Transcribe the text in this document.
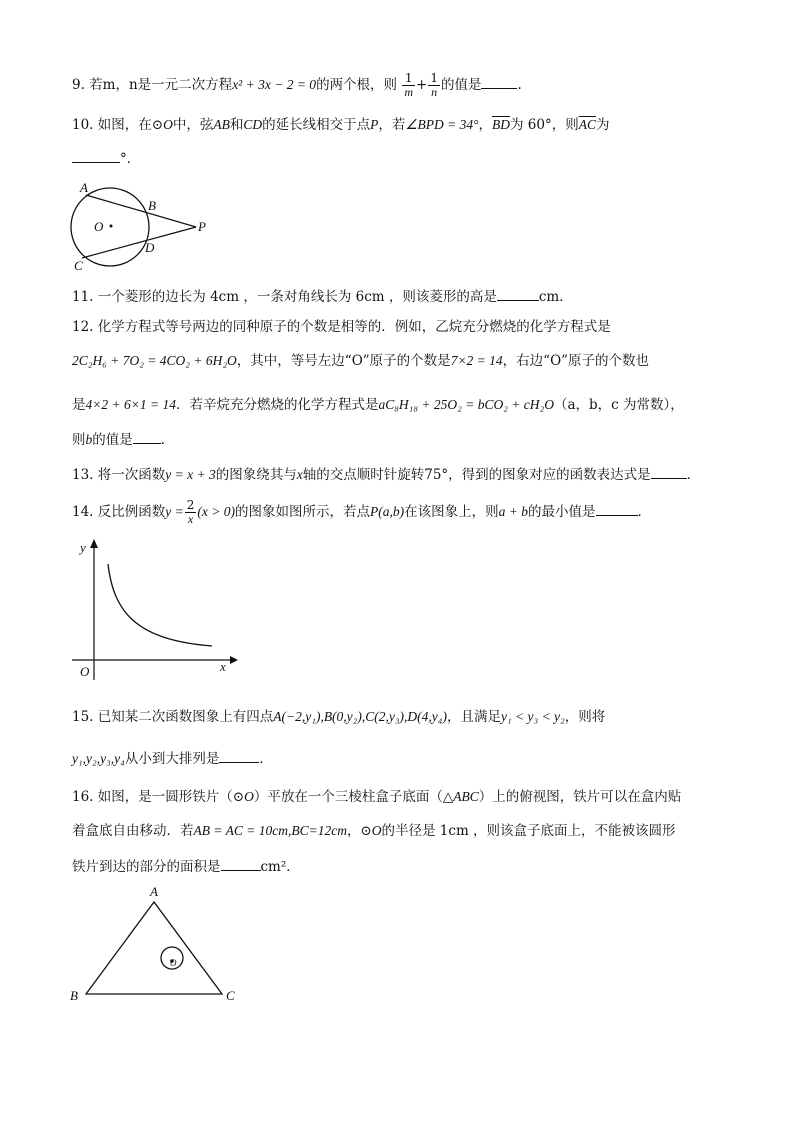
9. 若m，n是一元二次方程x² + 3x − 2 = 0的两个根，则 $\frac{1}{m} + \frac{1}{n}$ 的值是	.
10. 如图，在⊙O中，弦AB和CD的延长线相交于点P，若∠BPD = 34°，$\overline{BD}$为 60°，则$\overline{AC}$为
°．
A
B
O
D
C
P
11. 一个菱形的边长为 4cm ，一条对角线长为 6cm ，则该菱形的高是	cm．
12. 化学方程式等号两边的同种原子的个数是相等的．例如，乙烷充分燃烧的化学方程式是
2C₂H₆ + 7O₂ = 4CO₂ + 6H₂O，其中，等号左边“O”原子的个数是7×2 = 14，右边“O”原子的个数也
是4×2 + 6×1 = 14．若辛烷充分燃烧的化学方程式是aC₈H₁₈ + 25O₂ = bCO₂ + cH₂O（a，b，c 为常数），
则b的值是 ．
13. 将一次函数y = x + 3的图象绕其与x轴的交点顺时针旋转75°，得到的图象对应的函数表达式是	．
14. 反比例函数$y = \frac{2}{x} (x > 0)$的图象如图所示，若点P(a,b)在该图象上，则a + b的最小值是	．
y
x
O
15. 已知某二次函数图象上有四点A(−2,y₁),B(0,y₂),C(2,y₃),D(4,y₄)，且满足y₁ < y₃ < y₂，则将
y₁,y₂,y₃,y₄从小到大排列是	．
16. 如图，是一圆形铁片（⊙O）平放在一个三棱柱盒子底面（△ABC）上的俯视图，铁片可以在盒内贴
着盒底自由移动．若AB = AC = 10cm,BC=12cm，⊙O的半径是 1cm ，则该盒子底面上，不能被该圆形
铁片到达的部分的面积是	cm²．
A
B	C
O
